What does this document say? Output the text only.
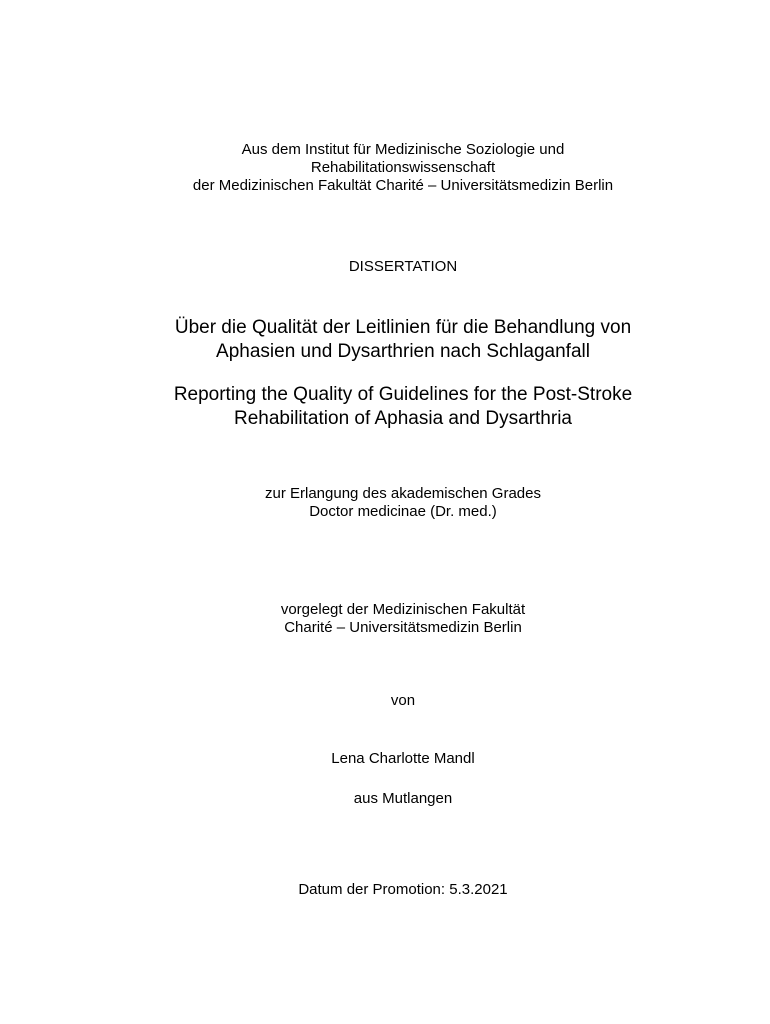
Aus dem Institut für Medizinische Soziologie und
Rehabilitationswissenschaft
der Medizinischen Fakultät Charité – Universitätsmedizin Berlin
DISSERTATION
Über die Qualität der Leitlinien für die Behandlung von
Aphasien und Dysarthrien nach Schlaganfall
Reporting the Quality of Guidelines for the Post-Stroke
Rehabilitation of Aphasia and Dysarthria
zur Erlangung des akademischen Grades
Doctor medicinae (Dr. med.)
vorgelegt der Medizinischen Fakultät
Charité – Universitätsmedizin Berlin
von
Lena Charlotte Mandl
aus Mutlangen
Datum der Promotion: 5.3.2021
